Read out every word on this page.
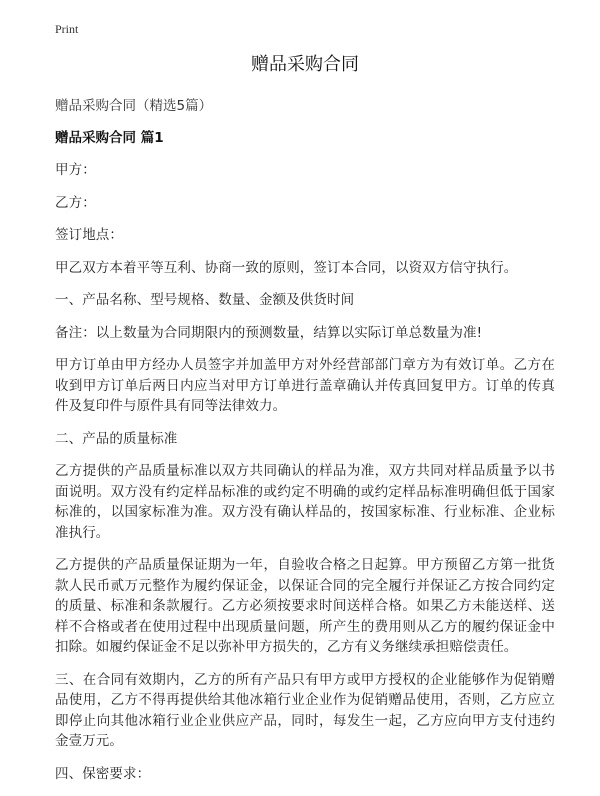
Print
赠品采购合同

赠品采购合同（精选5篇）

赠品采购合同 篇1

甲方：

乙方：

签订地点：

甲乙双方本着平等互利、协商一致的原则，签订本合同，以资双方信守执行。

一、产品名称、型号规格、数量、金额及供货时间

备注：以上数量为合同期限内的预测数量，结算以实际订单总数量为准!

甲方订单由甲方经办人员签字并加盖甲方对外经营部部门章方为有效订单。乙方在收到甲方订单后两日内应当对甲方订单进行盖章确认并传真回复甲方。订单的传真件及复印件与原件具有同等法律效力。

二、产品的质量标准

乙方提供的产品质量标准以双方共同确认的样品为准，双方共同对样品质量予以书面说明。双方没有约定样品标准的或约定不明确的或约定样品标准明确但低于国家标准的，以国家标准为准。双方没有确认样品的，按国家标准、行业标准、企业标准执行。

乙方提供的产品质量保证期为一年，自验收合格之日起算。甲方预留乙方第一批货款人民币贰万元整作为履约保证金，以保证合同的完全履行并保证乙方按合同约定的质量、标准和条款履行。乙方必须按要求时间送样合格。如果乙方未能送样、送样不合格或者在使用过程中出现质量问题，所产生的费用则从乙方的履约保证金中扣除。如履约保证金不足以弥补甲方损失的，乙方有义务继续承担赔偿责任。

三、在合同有效期内，乙方的所有产品只有甲方或甲方授权的企业能够作为促销赠品使用，乙方不得再提供给其他冰箱行业企业作为促销赠品使用，否则，乙方应立即停止向其他冰箱行业企业供应产品，同时，每发生一起，乙方应向甲方支付违约金壹万元。

四、保密要求：
